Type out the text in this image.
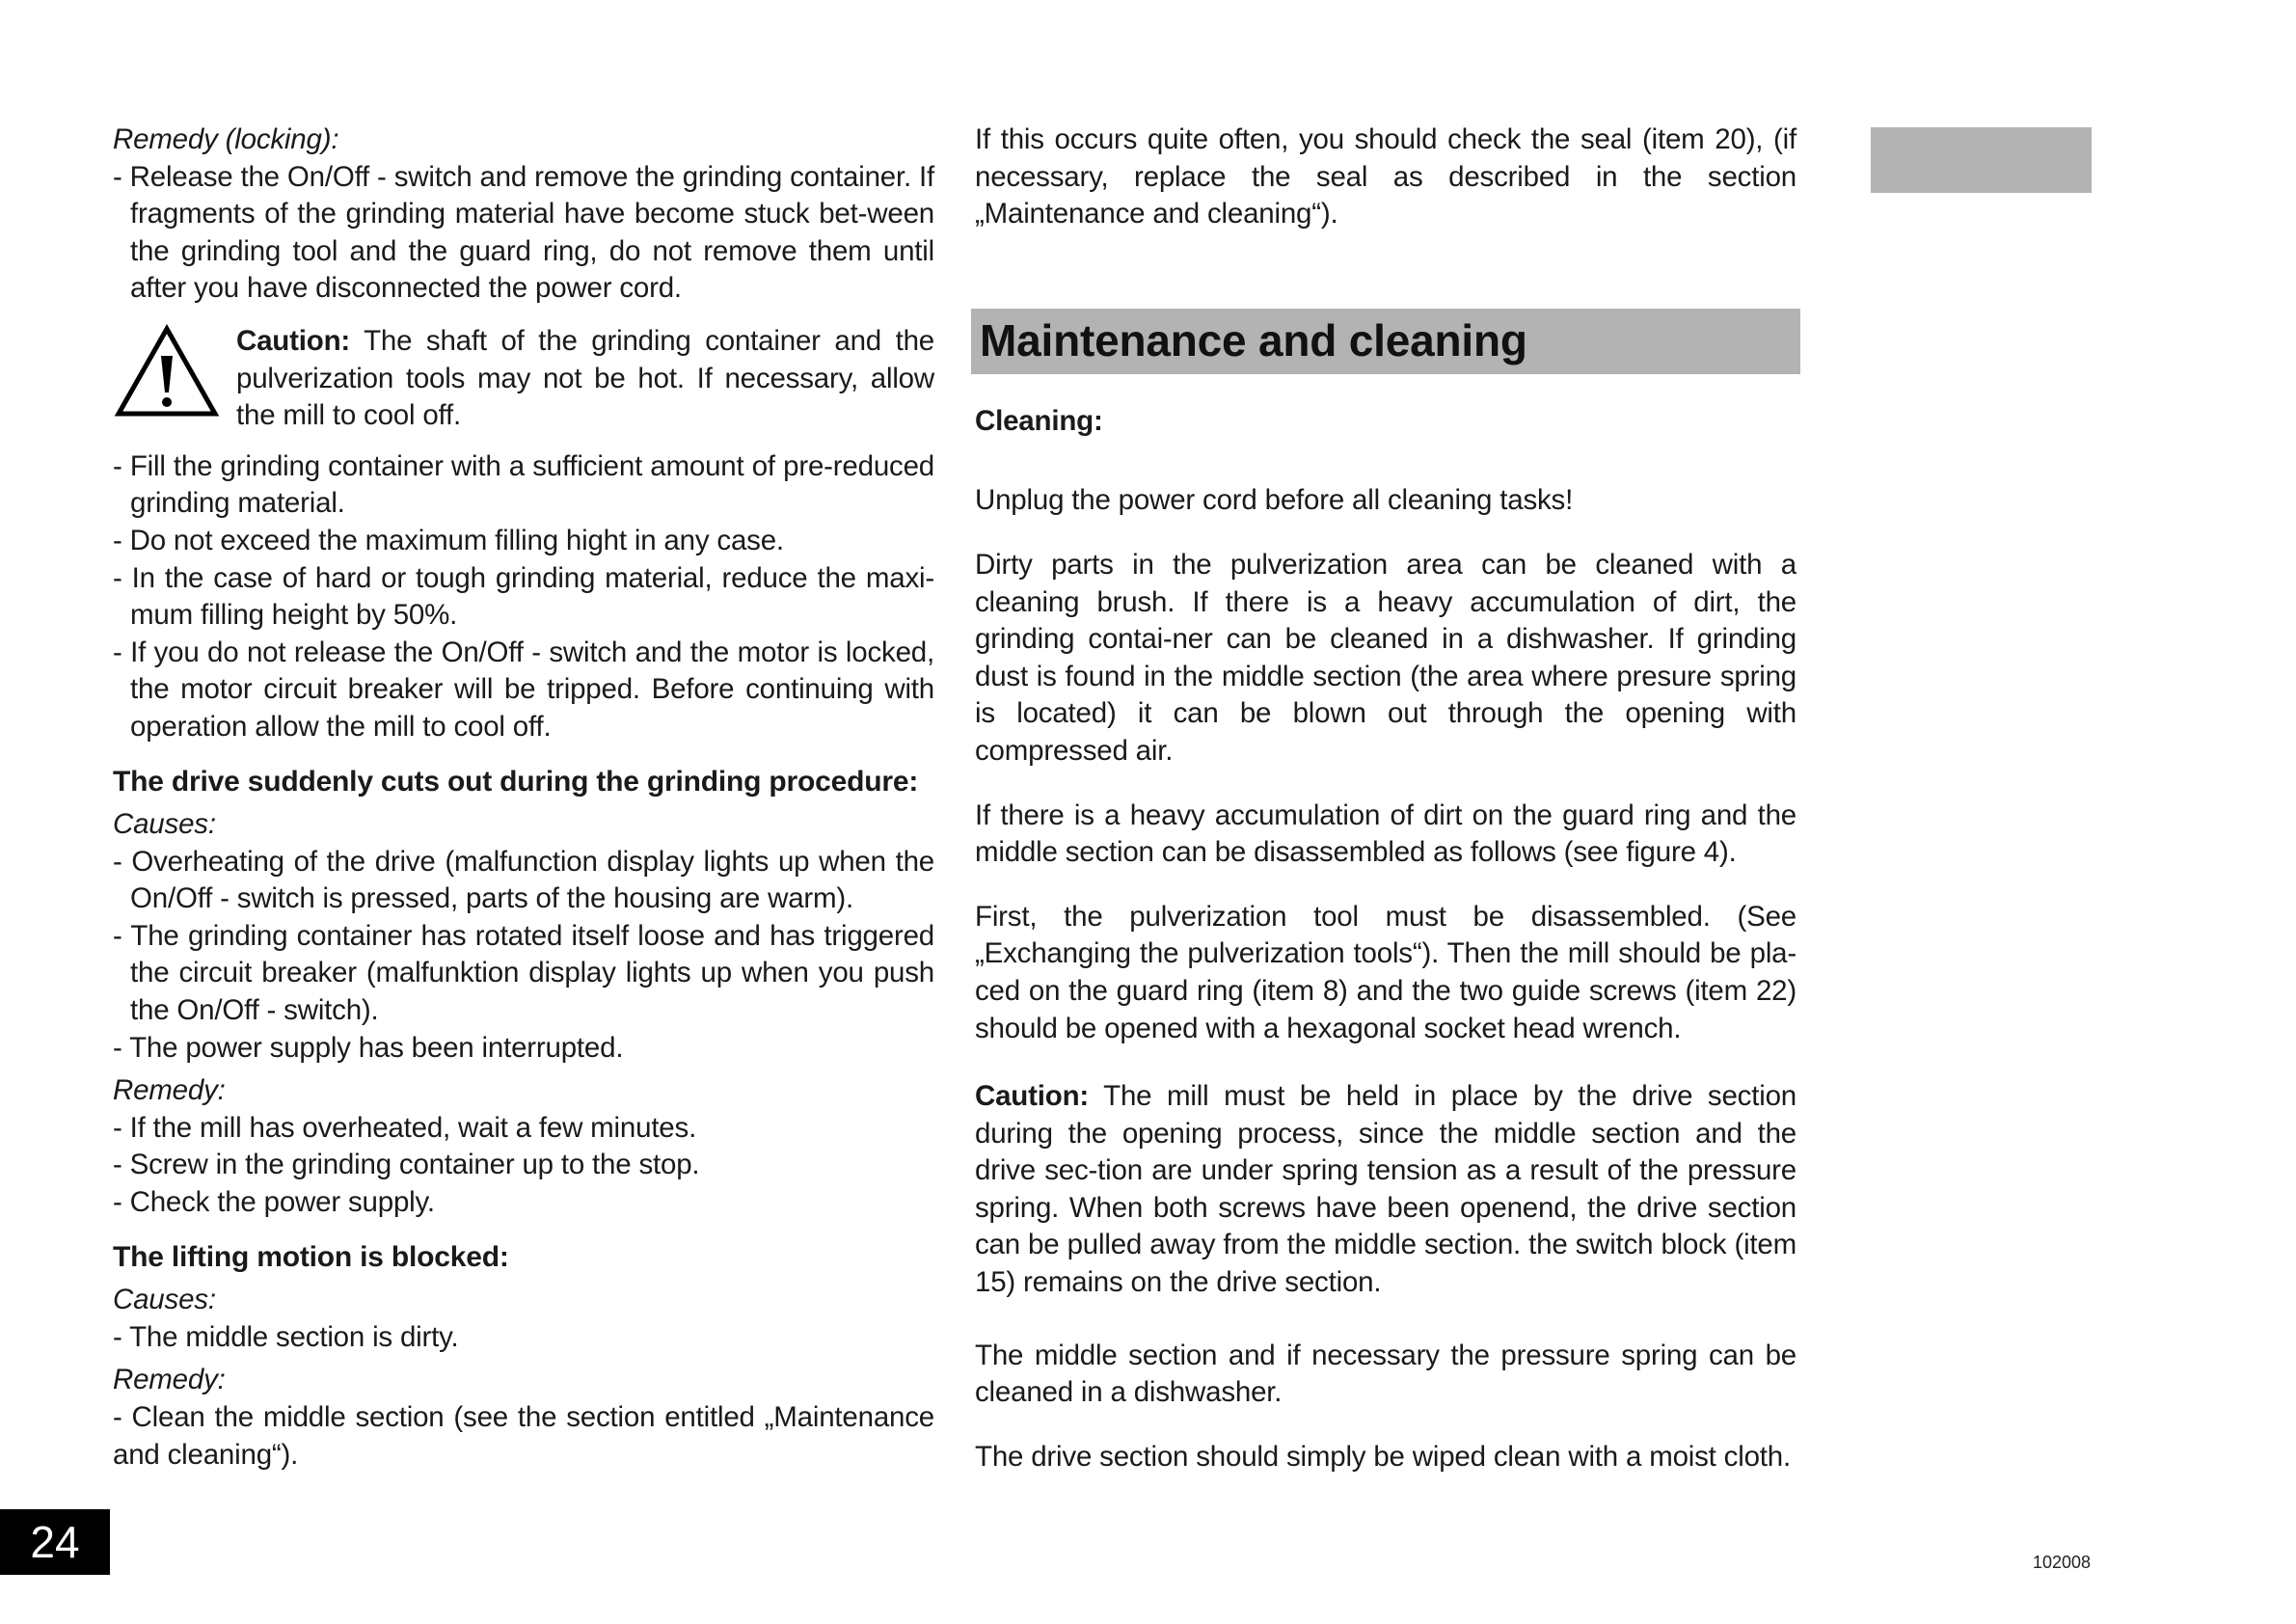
Remedy (locking):

- Release the On/Off - switch and remove the grinding container. If fragments of the grinding material have become stuck bet-ween the grinding tool and the guard ring, do not remove them until after you have disconnected the power cord.

Caution: The shaft of the grinding container and the pulverization tools may not be hot. If necessary, allow the mill to cool off.

- Fill the grinding container with a sufficient amount of pre-reduced grinding material.

- Do not exceed the maximum filling hight in any case.

- In the case of hard or tough grinding material, reduce the maxi-mum filling height by 50%.

- If you do not release the On/Off - switch and the motor is locked, the motor circuit breaker will be tripped. Before continuing with operation allow the mill to cool off.

The drive suddenly cuts out during the grinding procedure:

Causes:

- Overheating of the drive (malfunction display lights up when the On/Off - switch is pressed, parts of the housing are warm).

- The grinding container has rotated itself loose and has triggered the circuit breaker (malfunktion display lights up when you push the On/Off - switch).

- The power supply has been interrupted.

Remedy:

- If the mill has overheated, wait a few minutes.

- Screw in the grinding container up to the stop.

- Check the power supply.

The lifting motion is blocked:

Causes:

- The middle section is dirty.

Remedy:

- Clean the middle section (see the section entitled „Maintenance and cleaning“).

If this occurs quite often, you should check the seal (item 20), (if necessary, replace the seal as described in the section „Maintenance and cleaning“).

Maintenance and cleaning

Cleaning:

Unplug the power cord before all cleaning tasks!

Dirty parts in the pulverization area can be cleaned with a cleaning brush. If there is a heavy accumulation of dirt, the grinding contai-ner can be cleaned in a dishwasher. If grinding dust is found in the middle section (the area where presure spring is located) it can be blown out through the opening with compressed air.

If there is a heavy accumulation of dirt on the guard ring and the middle section can be disassembled as follows (see figure 4).

First, the pulverization tool must be disassembled. (See „Exchanging the pulverization tools“). Then the mill should be pla-ced on the guard ring (item 8) and the two guide screws (item 22) should be opened with a hexagonal socket head wrench.

Caution: The mill must be held in place by the drive section during the opening process, since the middle section and the drive sec-tion are under spring tension as a result of the pressure spring. When both screws have been openend, the drive section can be pulled away from the middle section. the switch block (item 15) remains on the drive section.

The middle section and if necessary the pressure spring can be cleaned in a dishwasher.

The drive section should simply be wiped clean with a moist cloth.

24	102008
